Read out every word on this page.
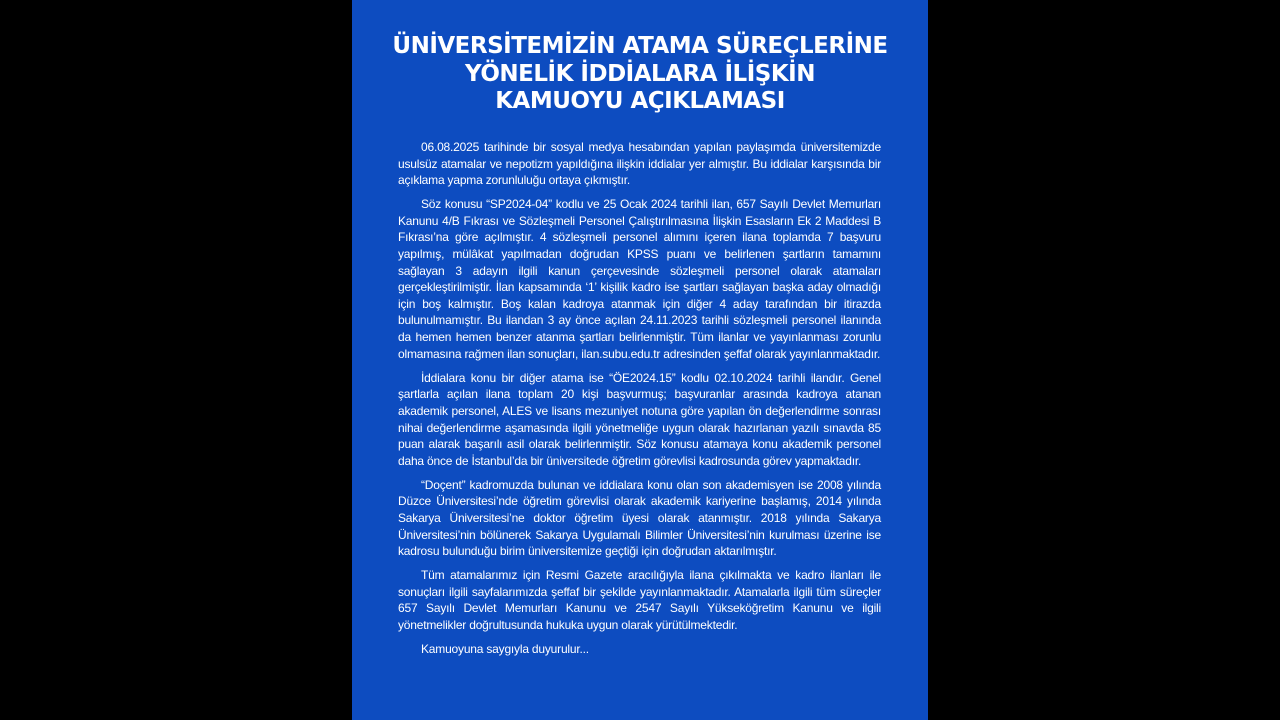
ÜNİVERSİTEMİZİN ATAMA SÜREÇLERİNE
YÖNELİK İDDİALARA İLİŞKİN
KAMUOYU AÇIKLAMASI

06.08.2025 tarihinde bir sosyal medya hesabından yapılan paylaşımda üniversitemizde usulsüz atamalar ve nepotizm yapıldığına ilişkin iddialar yer almıştır. Bu iddialar karşısında bir açıklama yapma zorunluluğu ortaya çıkmıştır.

Söz konusu “SP2024-04” kodlu ve 25 Ocak 2024 tarihli ilan, 657 Sayılı Devlet Memurları Kanunu 4/B Fıkrası ve Sözleşmeli Personel Çalıştırılmasına İlişkin Esasların Ek 2 Maddesi B Fıkrası’na göre açılmıştır. 4 sözleşmeli personel alımını içeren ilana toplamda 7 başvuru yapılmış, mülâkat yapılmadan doğrudan KPSS puanı ve belirlenen şartların tamamını sağlayan 3 adayın ilgili kanun çerçevesinde sözleşmeli personel olarak atamaları gerçekleştirilmiştir. İlan kapsamında ‘1’ kişilik kadro ise şartları sağlayan başka aday olmadığı için boş kalmıştır. Boş kalan kadroya atanmak için diğer 4 aday tarafından bir itirazda bulunulmamıştır. Bu ilandan 3 ay önce açılan 24.11.2023 tarihli sözleşmeli personel ilanında da hemen hemen benzer atanma şartları belirlenmiştir. Tüm ilanlar ve yayınlanması zorunlu olmamasına rağmen ilan sonuçları, ilan.subu.edu.tr adresinden şeffaf olarak yayınlanmaktadır.

İddialara konu bir diğer atama ise “ÖE2024.15” kodlu 02.10.2024 tarihli ilandır. Genel şartlarla açılan ilana toplam 20 kişi başvurmuş; başvuranlar arasında kadroya atanan akademik personel, ALES ve lisans mezuniyet notuna göre yapılan ön değerlendirme sonrası nihai değerlendirme aşamasında ilgili yönetmeliğe uygun olarak hazırlanan yazılı sınavda 85 puan alarak başarılı asil olarak belirlenmiştir. Söz konusu atamaya konu akademik personel daha önce de İstanbul’da bir üniversitede öğretim görevlisi kadrosunda görev yapmaktadır.

“Doçent” kadromuzda bulunan ve iddialara konu olan son akademisyen ise 2008 yılında Düzce Üniversitesi’nde öğretim görevlisi olarak akademik kariyerine başlamış, 2014 yılında Sakarya Üniversitesi’ne doktor öğretim üyesi olarak atanmıştır. 2018 yılında Sakarya Üniversitesi’nin bölünerek Sakarya Uygulamalı Bilimler Üniversitesi’nin kurulması üzerine ise kadrosu bulunduğu birim üniversitemize geçtiği için doğrudan aktarılmıştır.

Tüm atamalarımız için Resmi Gazete aracılığıyla ilana çıkılmakta ve kadro ilanları ile sonuçları ilgili sayfalarımızda şeffaf bir şekilde yayınlanmaktadır. Atamalarla ilgili tüm süreçler 657 Sayılı Devlet Memurları Kanunu ve 2547 Sayılı Yükseköğretim Kanunu ve ilgili yönetmelikler doğrultusunda hukuka uygun olarak yürütülmektedir.

Kamuoyuna saygıyla duyurulur...
